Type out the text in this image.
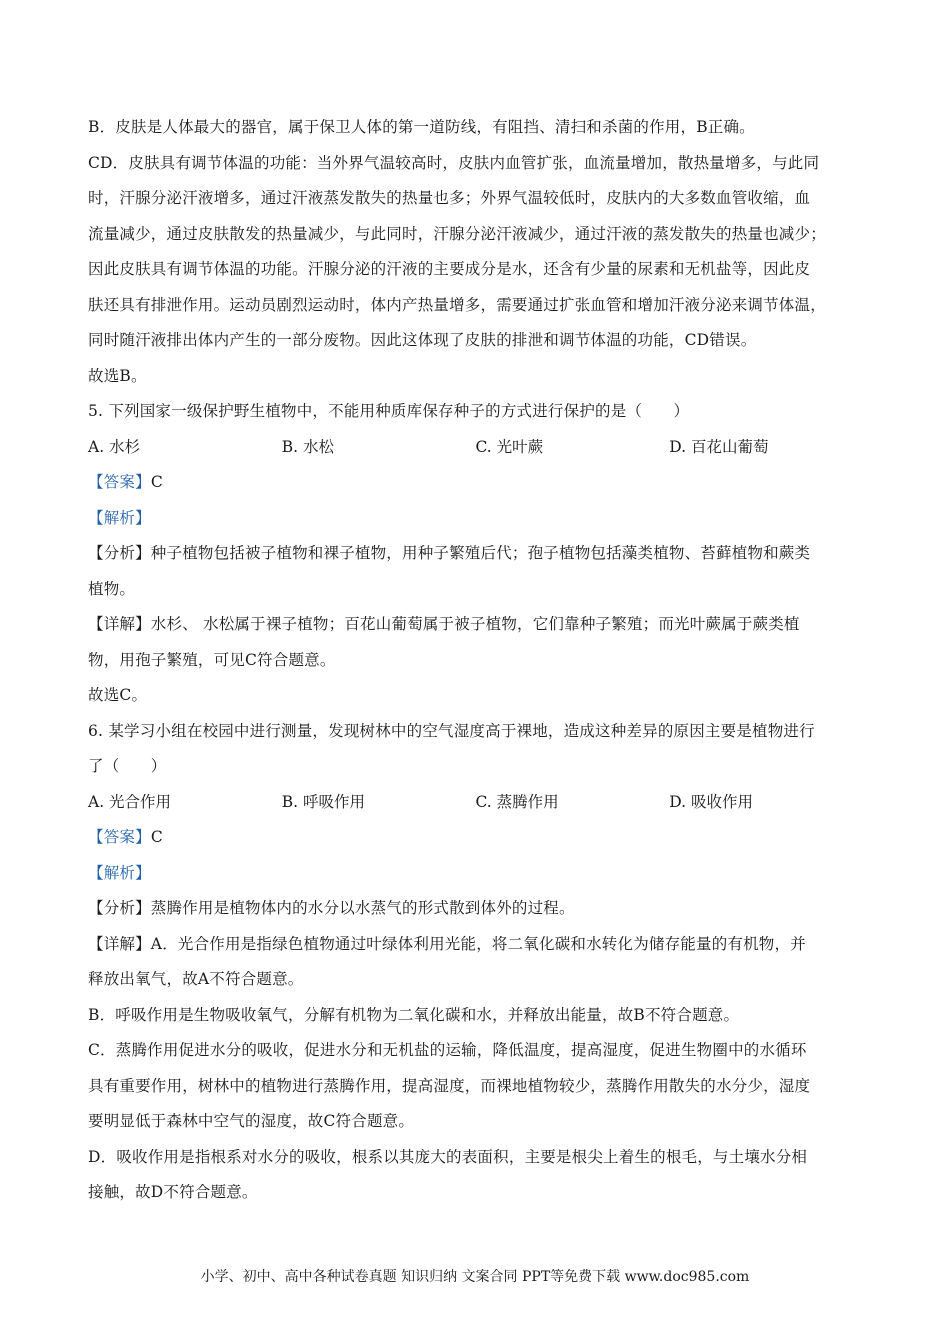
B．皮肤是人体最大的器官，属于保卫人体的第一道防线，有阻挡、清扫和杀菌的作用，B正确。
CD．皮肤具有调节体温的功能：当外界气温较高时，皮肤内血管扩张，血流量增加，散热量增多，与此同
时，汗腺分泌汗液增多，通过汗液蒸发散失的热量也多；外界气温较低时，皮肤内的大多数血管收缩，血
流量减少，通过皮肤散发的热量减少，与此同时，汗腺分泌汗液减少，通过汗液的蒸发散失的热量也减少；
因此皮肤具有调节体温的功能。汗腺分泌的汗液的主要成分是水，还含有少量的尿素和无机盐等，因此皮
肤还具有排泄作用。运动员剧烈运动时，体内产热量增多，需要通过扩张血管和增加汗液分泌来调节体温，
同时随汗液排出体内产生的一部分废物。因此这体现了皮肤的排泄和调节体温的功能，CD错误。
故选B。
5. 下列国家一级保护野生植物中，不能用种质库保存种子的方式进行保护的是（　　）
A. 水杉	B. 水松	C. 光叶蕨	D. 百花山葡萄
【答案】C
【解析】
【分析】种子植物包括被子植物和裸子植物，用种子繁殖后代；孢子植物包括藻类植物、苔藓植物和蕨类
植物。
【详解】水杉、 水松属于裸子植物；百花山葡萄属于被子植物，它们靠种子繁殖；而光叶蕨属于蕨类植
物，用孢子繁殖，可见C符合题意。
故选C。
6. 某学习小组在校园中进行测量，发现树林中的空气湿度高于裸地，造成这种差异的原因主要是植物进行
了（　　）
A. 光合作用	B. 呼吸作用	C. 蒸腾作用	D. 吸收作用
【答案】C
【解析】
【分析】蒸腾作用是植物体内的水分以水蒸气的形式散到体外的过程。
【详解】A．光合作用是指绿色植物通过叶绿体利用光能，将二氧化碳和水转化为储存能量的有机物，并
释放出氧气，故A不符合题意。
B．呼吸作用是生物吸收氧气，分解有机物为二氧化碳和水，并释放出能量，故B不符合题意。
C．蒸腾作用促进水分的吸收，促进水分和无机盐的运输，降低温度，提高湿度，促进生物圈中的水循环
具有重要作用，树林中的植物进行蒸腾作用，提高湿度，而裸地植物较少，蒸腾作用散失的水分少，湿度
要明显低于森林中空气的湿度，故C符合题意。
D．吸收作用是指根系对水分的吸收，根系以其庞大的表面积，主要是根尖上着生的根毛，与土壤水分相
接触，故D不符合题意。
小学、初中、高中各种试卷真题 知识归纳 文案合同 PPT等免费下载 www.doc985.com
